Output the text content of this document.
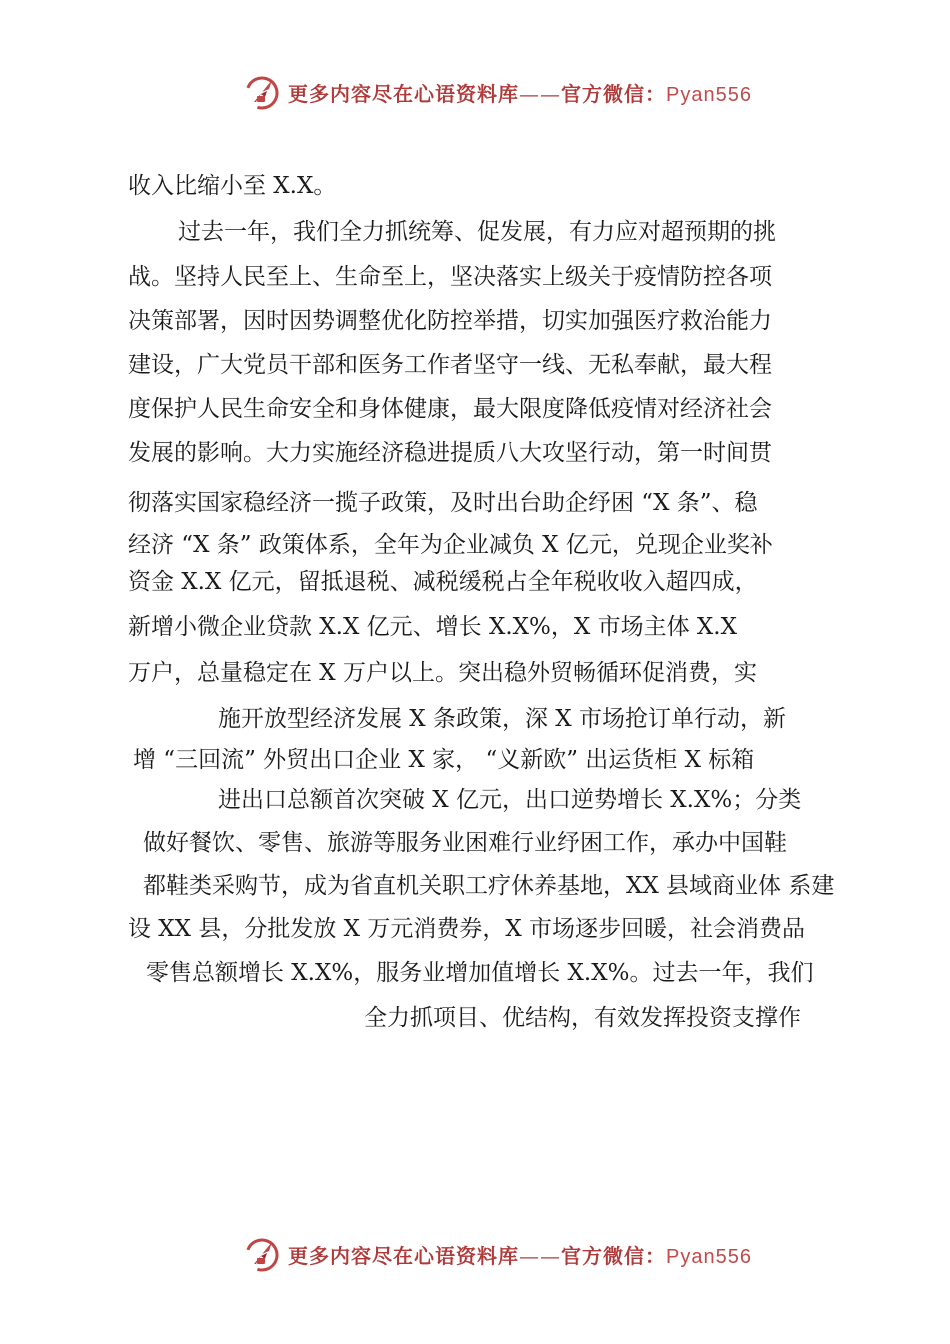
更多内容尽在心语资料库——官方微信：Pyan556
收入比缩小至 X.X。
过去一年，我们全力抓统筹、促发展，有力应对超预期的挑
战。坚持人民至上、生命至上，坚决落实上级关于疫情防控各项
决策部署，因时因势调整优化防控举措，切实加强医疗救治能力
建设，广大党员干部和医务工作者坚守一线、无私奉献，最大程
度保护人民生命安全和身体健康，最大限度降低疫情对经济社会
发展的影响。大力实施经济稳进提质八大攻坚行动，第一时间贯
彻落实国家稳经济一揽子政策，及时出台助企纾困 “X 条”、稳
经济 “X 条” 政策体系，全年为企业减负 X 亿元，兑现企业奖补
资金 X.X 亿元，留抵退税、减税缓税占全年税收收入超四成，
新增小微企业贷款 X.X 亿元、增长 X.X%，X 市场主体 X.X
万户，总量稳定在 X 万户以上。突出稳外贸畅循环促消费，实
施开放型经济发展 X 条政策，深 X 市场抢订单行动，新
增 “三回流” 外贸出口企业 X 家， “义新欧” 出运货柜 X 标箱
进出口总额首次突破 X 亿元，出口逆势增长 X.X%；分类
做好餐饮、零售、旅游等服务业困难行业纾困工作，承办中国鞋
都鞋类采购节，成为省直机关职工疗休养基地，XX 县域商业体 系建
设 XX 县，分批发放 X 万元消费券，X 市场逐步回暖，社会消费品
零售总额增长 X.X%，服务业增加值增长 X.X%。过去一年，我们
全力抓项目、优结构，有效发挥投资支撑作
更多内容尽在心语资料库——官方微信：Pyan556
